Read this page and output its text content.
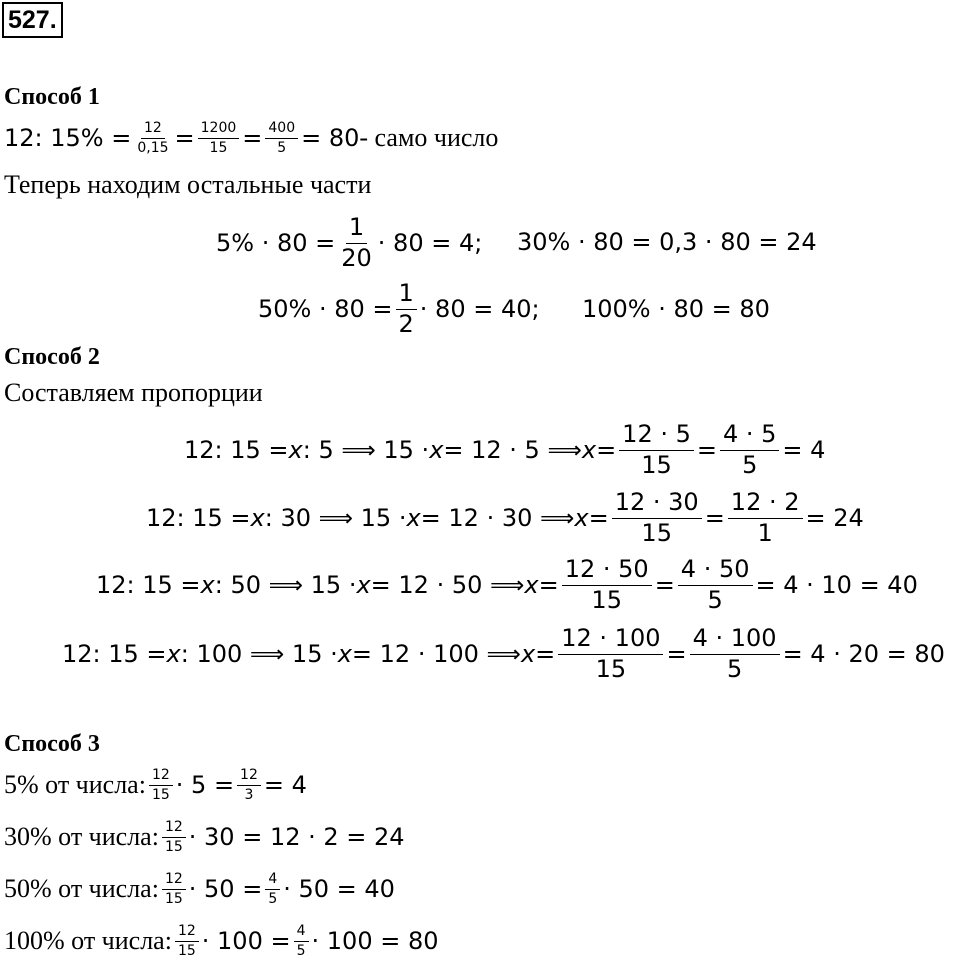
527.
Способ 1
12: $15\% = \frac{12}{0,15} = \frac{1200}{15} = \frac{400}{5} = 80$ - само число
Теперь находим остальные части
$5\% \cdot 80 = \frac{1}{20} \cdot 80 = 4$; 30% · 80 = 0,3 · 80 = 24
$50\% \cdot 80 = \frac{1}{2} \cdot 80 = 40$; 100% · 80 = 80
Способ 2
Составляем пропорции
12: 15 = x : 5 ⟹ 15 · x = 12 · 5 ⟹ $x = \frac{12 \cdot 5}{15} = \frac{4 \cdot 5}{5} = 4$
12: 15 = x : 30 ⟹ 15 · x = 12 · 30 ⟹ $x = \frac{12 \cdot 30}{15} = \frac{12 \cdot 2}{1} = 24$
12: 15 = x : 50 ⟹ 15 · x = 12 · 50 ⟹ $x = \frac{12 \cdot 50}{15} = \frac{4 \cdot 50}{5} = 4 \cdot 10 = 40$
12: 15 = x : 100 ⟹ 15 · x = 12 · 100 ⟹ $x = \frac{12 \cdot 100}{15} = \frac{4 \cdot 100}{5} = 4 \cdot 20 = 80$
Способ 3
5% от числа: 12
$15 \cdot 5 = \frac{12}{3} = 4$
30% от числа: 12
15 · 30 = 12 · 2 = 24
50% от числа: 12
$15 \cdot 50 = \frac{4}{5} \cdot 50 = 40$
100% от числа: 12
$15 \cdot 100 = \frac{4}{5} \cdot 100 = 80$
